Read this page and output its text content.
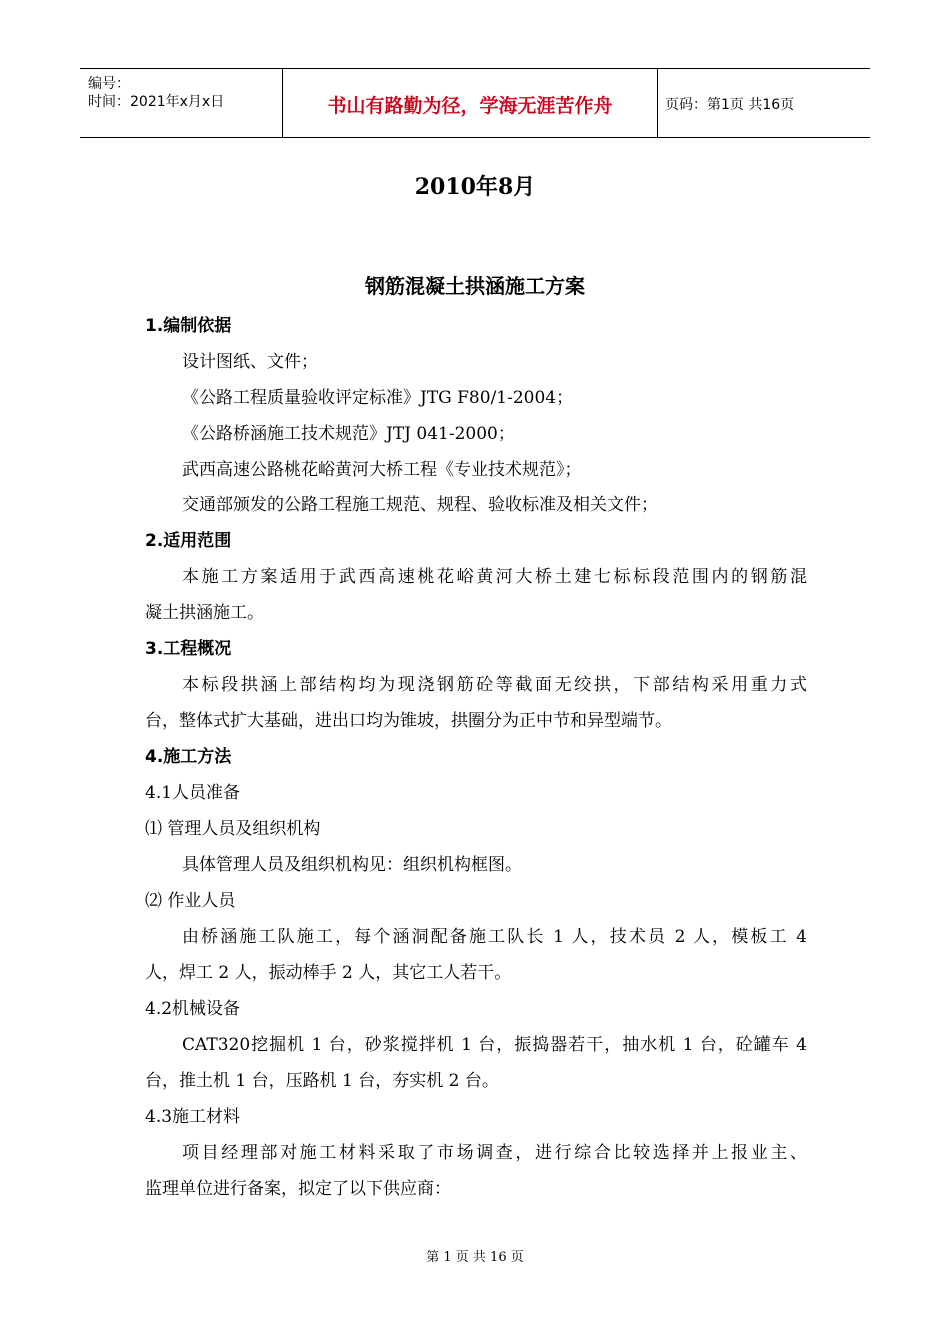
编号：
时间：2021年x月x日	书山有路勤为径，学海无涯苦作舟	页码：第1页 共16页
2010年8月
钢筋混凝土拱涵施工方案
1.编制依据
设计图纸、文件；
《公路工程质量验收评定标准》JTG F80/1-2004；
《公路桥涵施工技术规范》JTJ 041-2000；
武西高速公路桃花峪黄河大桥工程《专业技术规范》；
交通部颁发的公路工程施工规范、规程、验收标准及相关文件；
2.适用范围
本施工方案适用于武西高速桃花峪黄河大桥土建七标标段范围内的钢筋混
凝土拱涵施工。
3.工程概况
本标段拱涵上部结构均为现浇钢筋砼等截面无绞拱，下部结构采用重力式
台，整体式扩大基础，进出口均为锥坡，拱圈分为正中节和异型端节。
4.施工方法
4.1人员准备
⑴ 管理人员及组织机构
具体管理人员及组织机构见：组织机构框图。
⑵ 作业人员
由桥涵施工队施工，每个涵洞配备施工队长 1 人，技术员 2 人，模板工 4
人，焊工 2 人，振动棒手 2 人，其它工人若干。
4.2机械设备
CAT320挖掘机 1 台，砂浆搅拌机 1 台，振捣器若干，抽水机 1 台，砼罐车 4
台，推土机 1 台，压路机 1 台，夯实机 2 台。
4.3施工材料
项目经理部对施工材料采取了市场调查，进行综合比较选择并上报业主、
监理单位进行备案，拟定了以下供应商：
第 1 页 共 16 页
